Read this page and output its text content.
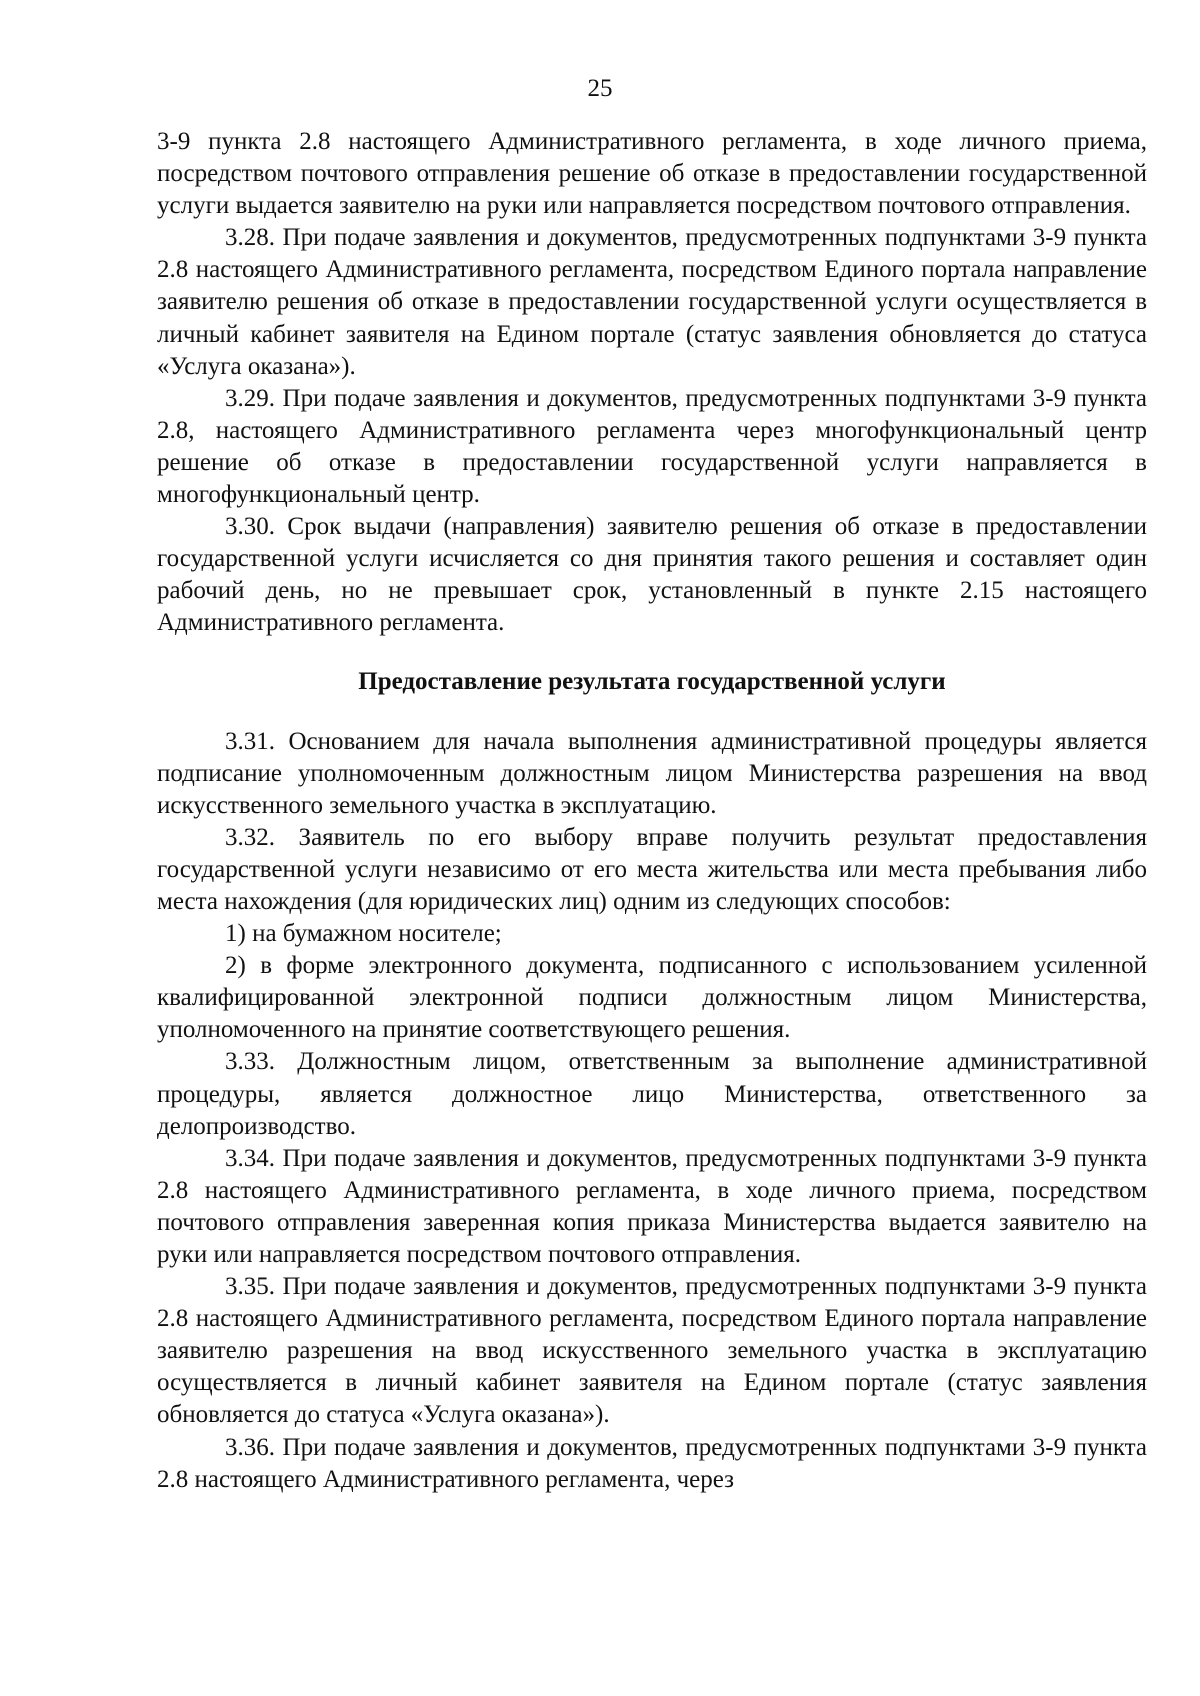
25

3-9 пункта 2.8 настоящего Административного регламента, в ходе личного приема, посредством почтового отправления решение об отказе в предоставлении государственной услуги выдается заявителю на руки или направляется посредством почтового отправления.

3.28. При подаче заявления и документов, предусмотренных подпунктами 3-9 пункта 2.8 настоящего Административного регламента, посредством Единого портала направление заявителю решения об отказе в предоставлении государственной услуги осуществляется в личный кабинет заявителя на Едином портале (статус заявления обновляется до статуса «Услуга оказана»).

3.29. При подаче заявления и документов, предусмотренных подпунктами 3-9 пункта 2.8, настоящего Административного регламента через многофункциональный центр решение об отказе в предоставлении государственной услуги направляется в многофункциональный центр.

3.30. Срок выдачи (направления) заявителю решения об отказе в предоставлении государственной услуги исчисляется со дня принятия такого решения и составляет один рабочий день, но не превышает срок, установленный в пункте 2.15 настоящего Административного регламента.

Предоставление результата государственной услуги

3.31. Основанием для начала выполнения административной процедуры является подписание уполномоченным должностным лицом Министерства разрешения на ввод искусственного земельного участка в эксплуатацию.

3.32. Заявитель по его выбору вправе получить результат предоставления государственной услуги независимо от его места жительства или места пребывания либо места нахождения (для юридических лиц) одним из следующих способов:

1) на бумажном носителе;

2) в форме электронного документа, подписанного с использованием усиленной квалифицированной электронной подписи должностным лицом Министерства, уполномоченного на принятие соответствующего решения.

3.33. Должностным лицом, ответственным за выполнение административной процедуры, является должностное лицо Министерства, ответственного за делопроизводство.

3.34. При подаче заявления и документов, предусмотренных подпунктами 3-9 пункта 2.8 настоящего Административного регламента, в ходе личного приема, посредством почтового отправления заверенная копия приказа Министерства выдается заявителю на руки или направляется посредством почтового отправления.

3.35. При подаче заявления и документов, предусмотренных подпунктами 3-9 пункта 2.8 настоящего Административного регламента, посредством Единого портала направление заявителю разрешения на ввод искусственного земельного участка в эксплуатацию осуществляется в личный кабинет заявителя на Едином портале (статус заявления обновляется до статуса «Услуга оказана»).

3.36. При подаче заявления и документов, предусмотренных подпунктами 3-9 пункта 2.8 настоящего Административного регламента, через
